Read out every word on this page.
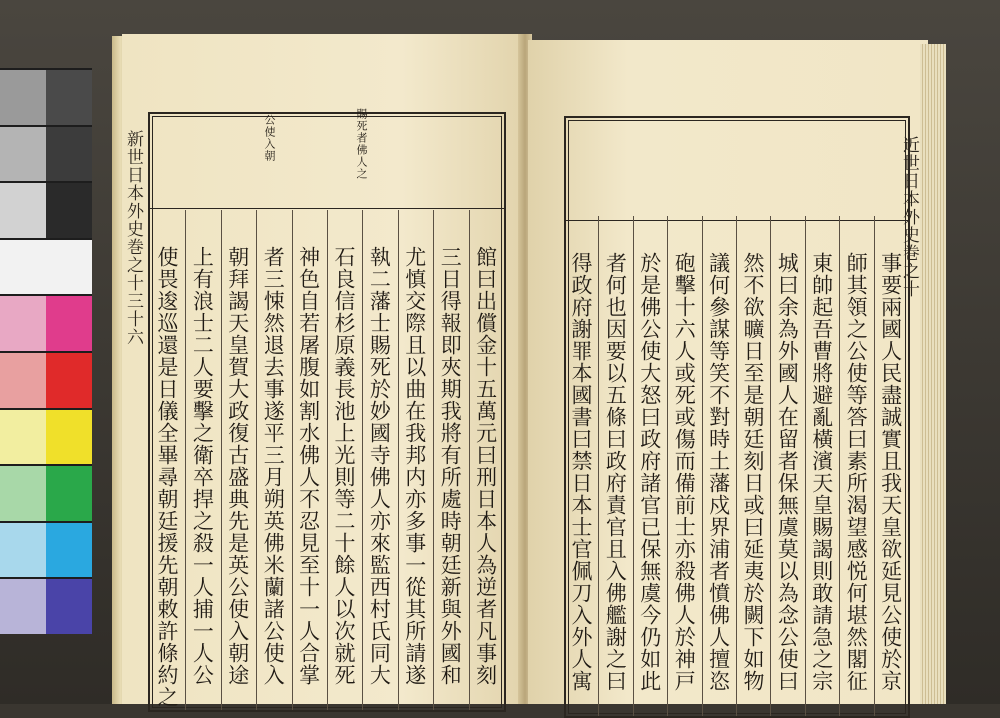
新世日本外史巻之十三十六	賜死者佛人之
公使入朝
館曰出償金十五萬元曰刑日本人為逆者凡事刻
三日得報即夾期我將有所處時朝廷新與外國和
尤慎交際且以曲在我邦内亦多事一從其所請遂
執二藩士賜死於妙國寺佛人亦來監西村氏同大
石良信杉原義長池上光則等二十餘人以次就死
神色自若屠腹如割水佛人不忍見至十一人合掌
者三悚然退去事遂平三月朔英佛米蘭諸公使入
朝拜謁天皇賀大政復古盛典先是英公使入朝途
上有浪士二人要擊之衛卒捍之殺一人捕一人公
使畏逡巡還是日儀全畢尋朝廷援先朝敕許條約之
近世日本外史巻之十
事要兩國人民盡誠實且我天皇欲延見公使於京
師其領之公使等答曰素所渴望感悦何堪然閣征
東帥起吾曹將避亂橫濱天皇賜謁則敢請急之宗
城曰余為外國人在留者保無虞莫以為念公使曰
然不欲曠日至是朝廷刻日或曰延夷於闕下如物
議何參謀等笑不對時土藩戍界浦者憤佛人擅恣
砲擊十六人或死或傷而備前士亦殺佛人於神戸
於是佛公使大怒曰政府諸官已保無虞今仍如此
者何也因要以五條曰政府責官且入佛艦謝之曰
得政府謝罪本國書曰禁日本士官佩刀入外人寓
